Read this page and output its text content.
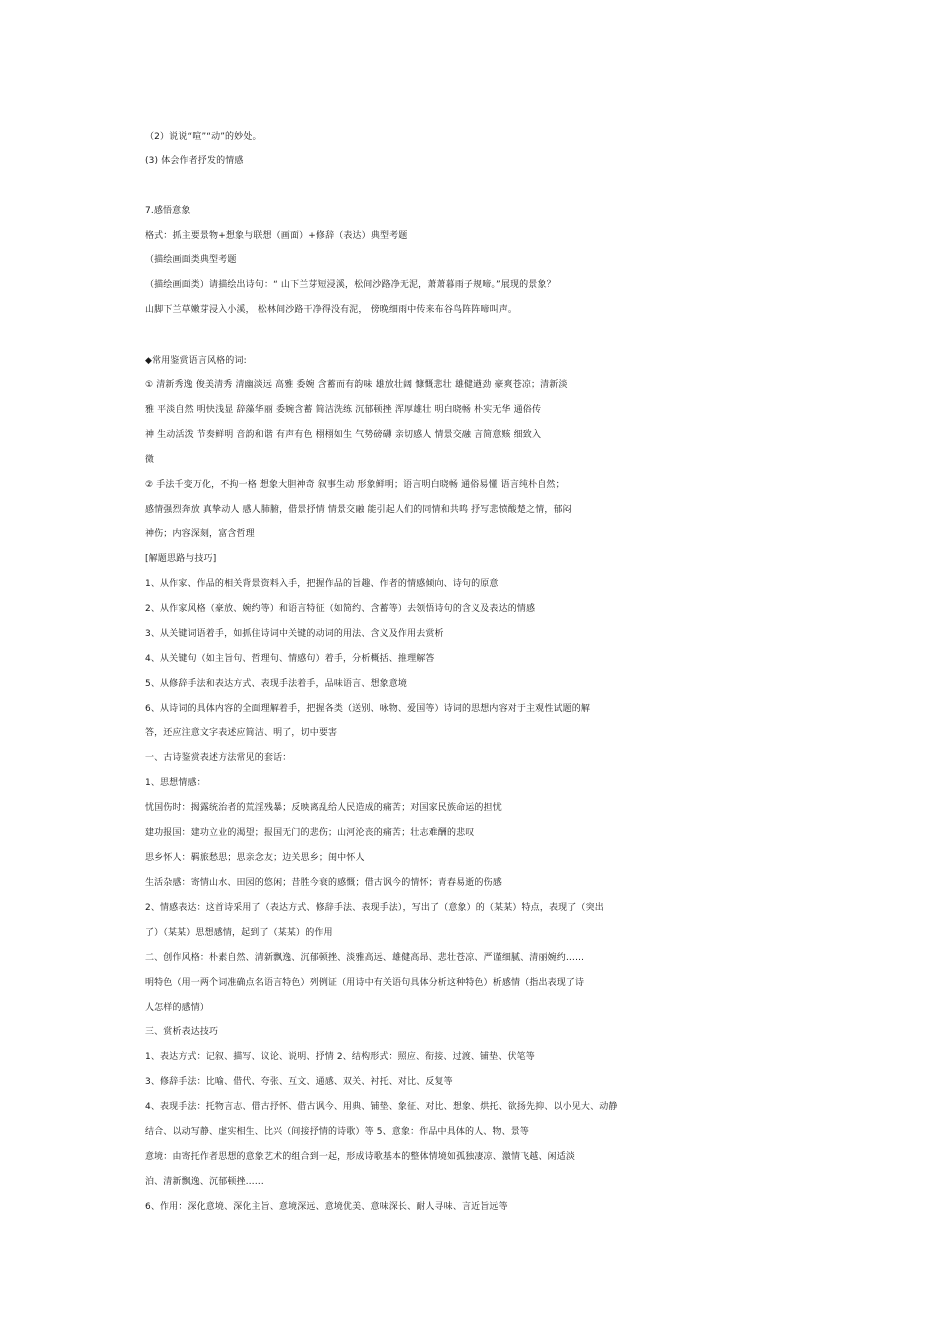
（2）说说“喧”“动”的妙处。
(3) 体会作者抒发的情感
7.感悟意象
格式：抓主要景物+想象与联想（画面）+修辞（表达）典型考题
（描绘画面类典型考题
（描绘画面类）请描绘出诗句：“ 山下兰芽短浸溪，松间沙路净无泥，萧萧暮雨子规啼。”展现的景象？
山脚下兰草嫩芽浸入小溪， 松林间沙路干净得没有泥， 傍晚细雨中传来布谷鸟阵阵啼叫声。
◆常用鉴赏语言风格的词:
① 清新秀逸 俊美清秀 清幽淡远 高雅 委婉 含蓄而有韵味 雄放壮阔 慷慨悲壮 雄健遒劲 豪爽苍凉；清新淡
雅 平淡自然 明快浅显 辞藻华丽 委婉含蓄 简洁洗练 沉郁顿挫 浑厚雄壮 明白晓畅 朴实无华 通俗传
神 生动活泼 节奏鲜明 音韵和谐 有声有色 栩栩如生 气势磅礴 亲切感人 情景交融 言简意赅 细致入
微
② 手法千变万化，不拘一格 想象大胆神奇 叙事生动 形象鲜明；语言明白晓畅 通俗易懂 语言纯朴自然；
感情强烈奔放 真挚动人 感人肺腑，借景抒情 情景交融 能引起人们的同情和共鸣 抒写悲愤酸楚之情，郁闷
神伤；内容深刻，富含哲理
[解题思路与技巧]
1、从作家、作品的相关背景资料入手，把握作品的旨趣、作者的情感倾向、诗句的原意
2、从作家风格（豪放、婉约等）和语言特征（如简约、含蓄等）去领悟诗句的含义及表达的情感
3、从关键词语着手，如抓住诗词中关键的动词的用法、含义及作用去赏析
4、从关键句（如主旨句、哲理句、情感句）着手，分析概括、推理解答
5、从修辞手法和表达方式、表现手法着手，品味语言、想象意境
6、从诗词的具体内容的全面理解着手，把握各类（送别、咏物、爱国等）诗词的思想内容对于主观性试题的解
答，还应注意文字表述应简洁、明了，切中要害
一、古诗鉴赏表述方法常见的套话：
1、思想情感：
忧国伤时：揭露统治者的荒淫残暴；反映离乱给人民造成的痛苦；对国家民族命运的担忧
建功报国：建功立业的渴望；报国无门的悲伤；山河沦丧的痛苦；壮志难酬的悲叹
思乡怀人：羁旅愁思；思亲念友；边关思乡；闺中怀人
生活杂感：寄情山水、田园的悠闲；昔胜今衰的感慨；借古讽今的情怀；青春易逝的伤感
2、情感表达：这首诗采用了（表达方式、修辞手法、表现手法），写出了（意象）的（某某）特点，表现了（突出
了）（某某）思想感情，起到了（某某）的作用
二、创作风格：朴素自然、清新飘逸、沉郁顿挫、淡雅高远、雄健高昂、悲壮苍凉、严谨细腻、清丽婉约……
明特色（用一两个词准确点名语言特色）列例证（用诗中有关语句具体分析这种特色）析感情（指出表现了诗
人怎样的感情）
三、赏析表达技巧
1、表达方式：记叙、描写、议论、说明、抒情 2、结构形式：照应、衔接、过渡、铺垫、伏笔等
3、修辞手法：比喻、借代、夸张、互文、通感、双关、衬托、对比、反复等
4、表现手法：托物言志、借古抒怀、借古讽今、用典、铺垫、象征、对比、想象、烘托、欲扬先抑、以小见大、动静
结合、以动写静、虚实相生、比兴（间接抒情的诗歌）等 5、意象：作品中具体的人、物、景等
意境：由寄托作者思想的意象艺术的组合到一起，形成诗歌基本的整体情境如孤独凄凉、激情飞越、闲适淡
泊、清新飘逸、沉郁顿挫……
6、作用：深化意境、深化主旨、意境深远、意境优美、意味深长、耐人寻味、言近旨远等
